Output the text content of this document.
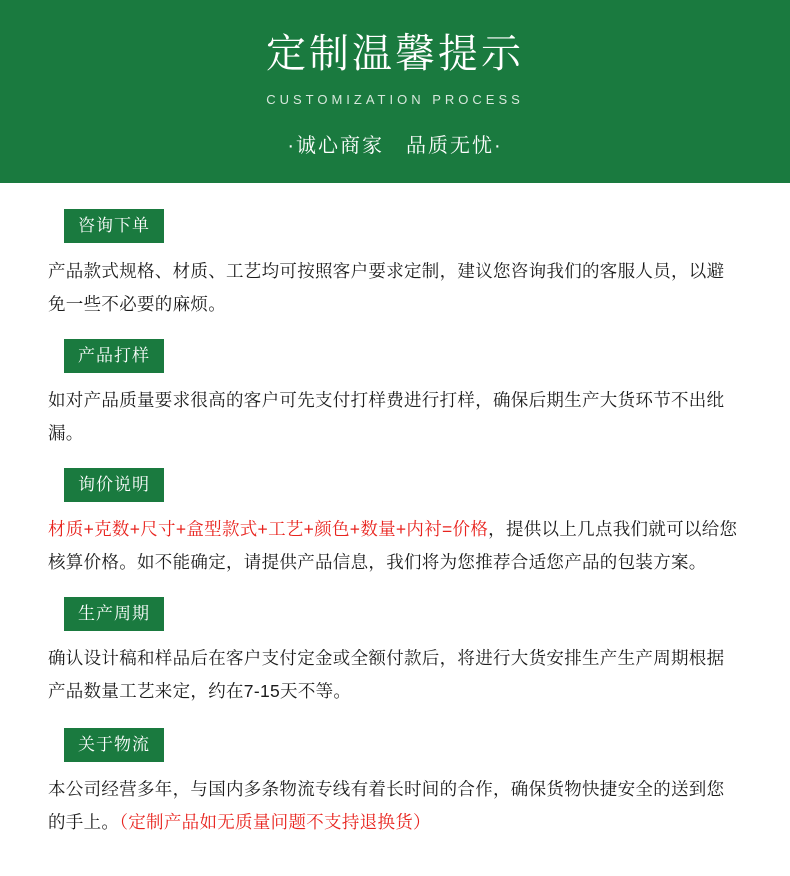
定制温馨提示
CUSTOMIZATION PROCESS
·诚心商家　品质无忧·
咨询下单
产品款式规格、材质、工艺均可按照客户要求定制，建议您咨询我们的客服人员，以避免一些不必要的麻烦。
产品打样
如对产品质量要求很高的客户可先支付打样费进行打样，确保后期生产大货环节不出纰漏。
询价说明
材质+克数+尺寸+盒型款式+工艺+颜色+数量+内衬=价格，提供以上几点我们就可以给您核算价格。如不能确定，请提供产品信息，我们将为您推荐合适您产品的包装方案。
生产周期
确认设计稿和样品后在客户支付定金或全额付款后，将进行大货安排生产生产周期根据产品数量工艺来定，约在7-15天不等。
关于物流
本公司经营多年，与国内多条物流专线有着长时间的合作，确保货物快捷安全的送到您的手上。（定制产品如无质量问题不支持退换货）
